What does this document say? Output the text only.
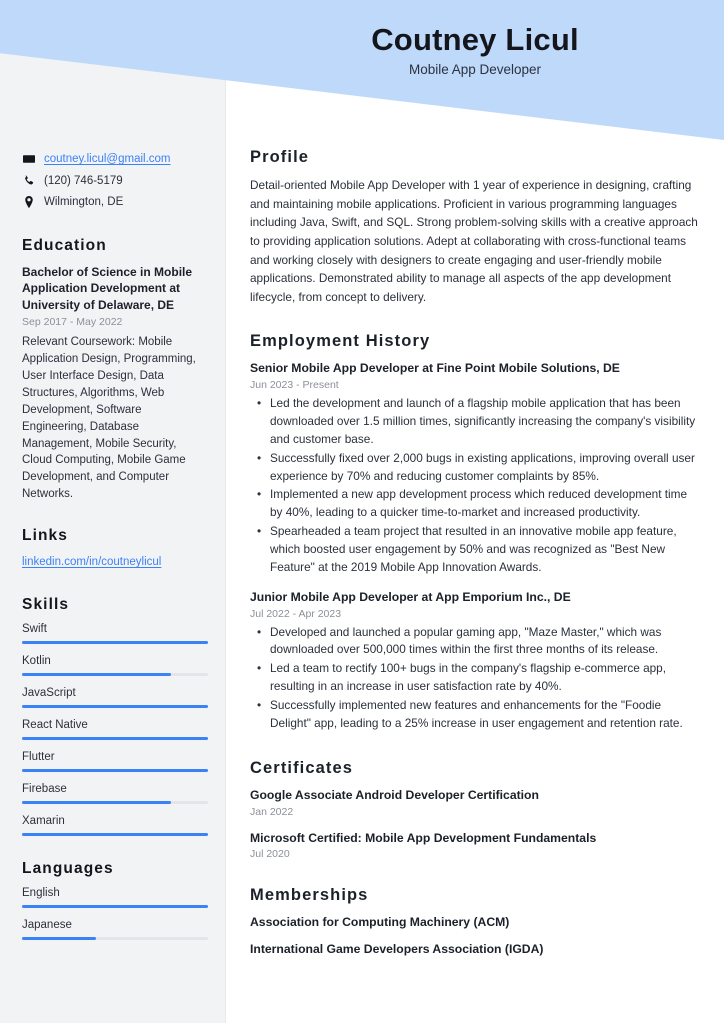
Coutney Licul
Mobile App Developer
coutney.licul@gmail.com
(120) 746-5179
Wilmington, DE
Education
Bachelor of Science in Mobile Application Development at University of Delaware, DE
Sep 2017 - May 2022
Relevant Coursework: Mobile Application Design, Programming, User Interface Design, Data Structures, Algorithms, Web Development, Software Engineering, Database Management, Mobile Security, Cloud Computing, Mobile Game Development, and Computer Networks.
Links
linkedin.com/in/coutneylicul
Skills
Swift
Kotlin
JavaScript
React Native
Flutter
Firebase
Xamarin
Languages
English
Japanese
Profile
Detail-oriented Mobile App Developer with 1 year of experience in designing, crafting and maintaining mobile applications. Proficient in various programming languages including Java, Swift, and SQL. Strong problem-solving skills with a creative approach to providing application solutions. Adept at collaborating with cross-functional teams and working closely with designers to create engaging and user-friendly mobile applications. Demonstrated ability to manage all aspects of the app development lifecycle, from concept to delivery.
Employment History
Senior Mobile App Developer at Fine Point Mobile Solutions, DE
Jun 2023 - Present
• Led the development and launch of a flagship mobile application that has been downloaded over 1.5 million times, significantly increasing the company's visibility and customer base.
• Successfully fixed over 2,000 bugs in existing applications, improving overall user experience by 70% and reducing customer complaints by 85%.
• Implemented a new app development process which reduced development time by 40%, leading to a quicker time-to-market and increased productivity.
• Spearheaded a team project that resulted in an innovative mobile app feature, which boosted user engagement by 50% and was recognized as "Best New Feature" at the 2019 Mobile App Innovation Awards.
Junior Mobile App Developer at App Emporium Inc., DE
Jul 2022 - Apr 2023
• Developed and launched a popular gaming app, "Maze Master," which was downloaded over 500,000 times within the first three months of its release.
• Led a team to rectify 100+ bugs in the company's flagship e-commerce app, resulting in an increase in user satisfaction rate by 40%.
• Successfully implemented new features and enhancements for the "Foodie Delight" app, leading to a 25% increase in user engagement and retention rate.
Certificates
Google Associate Android Developer Certification
Jan 2022
Microsoft Certified: Mobile App Development Fundamentals
Jul 2020
Memberships
Association for Computing Machinery (ACM)
International Game Developers Association (IGDA)
